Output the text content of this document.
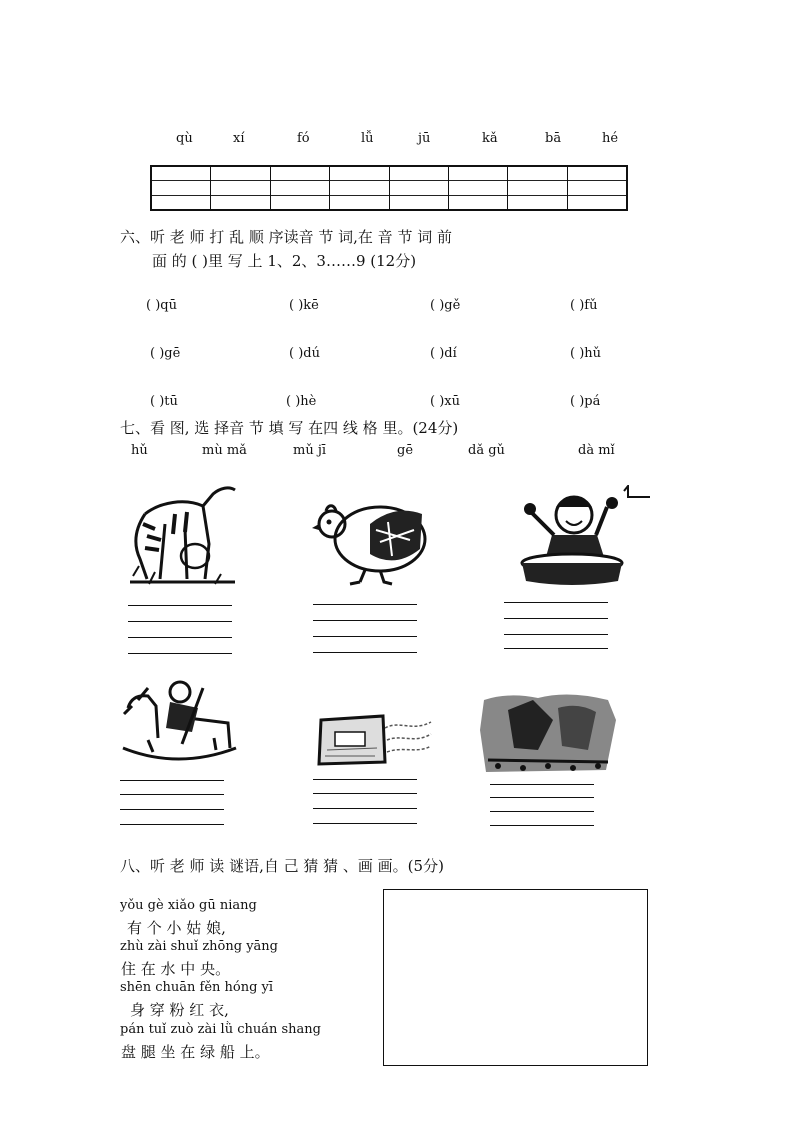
qù	xí	fó	lǚ	jū	kǎ	bā	hé
六、听 老 师 打 乱 顺 序读音 节 词,在 音 节 词 前
面 的 ( )里 写 上 1、2、3……9 (12分)
( )qū	( )kē	( )gě	( )fǔ
( )gē	( )dú	( )dí	( )hǔ
( )tū	( )hè	( )xū	( )pá
七、看 图, 选 择音 节 填 写 在四 线 格 里。(24分)
hǔ	mù mǎ	mǔ jī	gē	dǎ gǔ	dà mǐ
八、听 老 师 读 谜语,自 己 猜 猜 、画 画。(5分)
yǒu gè xiǎo gū niang
有 个 小 姑 娘,
zhù zài shuǐ zhōng yāng
住 在 水 中 央。
shēn chuān fěn hóng yī
身 穿 粉 红 衣,
pán tuǐ zuò zài lǜ chuán shang
盘 腿 坐 在 绿 船 上。
